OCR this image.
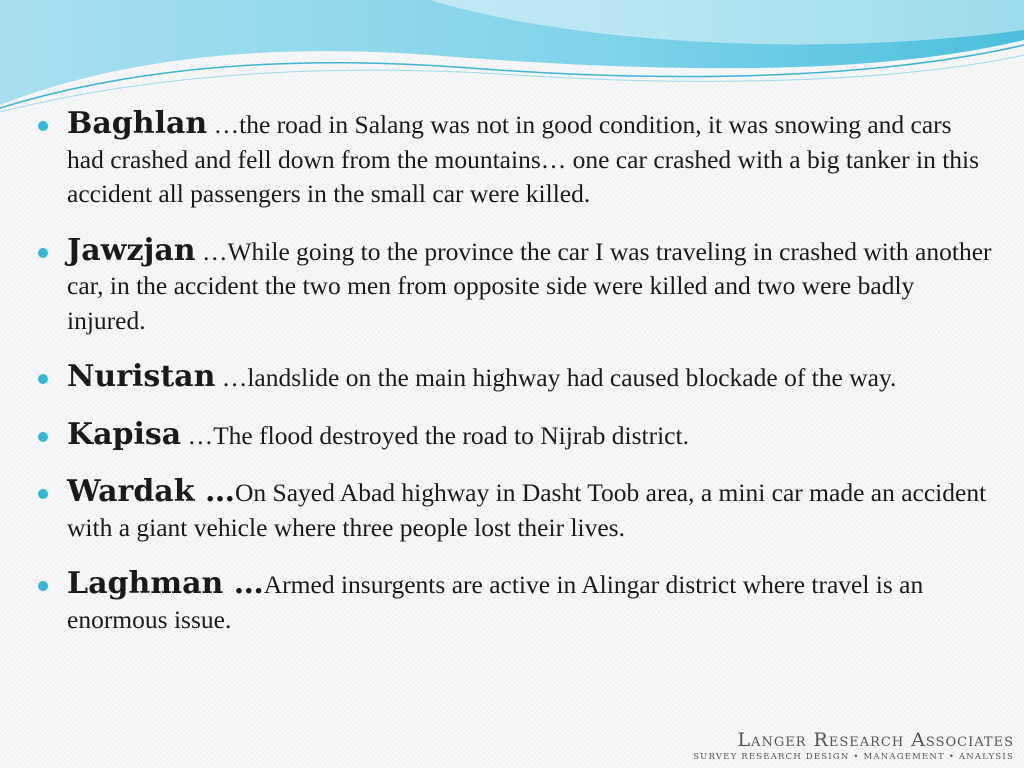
Baghlan …the road in Salang was not in good condition, it was snowing and cars had crashed and fell down from the mountains… one car crashed with a big tanker in this accident all passengers in the small car were killed.
Jawzjan …While going to the province the car I was traveling in crashed with another car, in the accident the two men from opposite side were killed and two were badly injured.
Nuristan …landslide on the main highway had caused blockade of the way.
Kapisa …The flood destroyed the road to Nijrab district.
Wardak …On Sayed Abad highway in Dasht Toob area, a mini car made an accident with a giant vehicle where three people lost their lives.
Laghman …Armed insurgents are active in Alingar district where travel is an enormous issue.
Langer Research Associates
SURVEY RESEARCH DESIGN • MANAGEMENT • ANALYSIS
